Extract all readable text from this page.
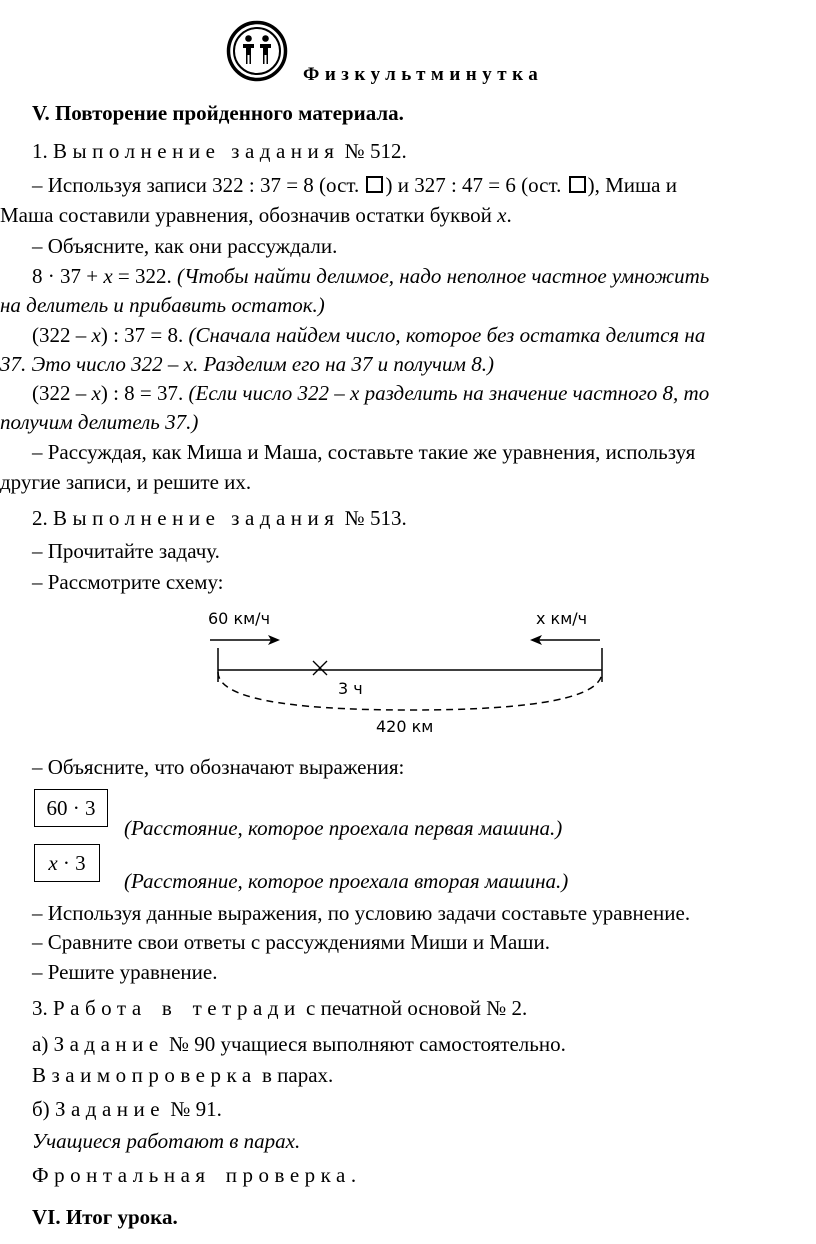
Физкультминутка
V. Повторение пройденного материала.
1. Выполнение задания № 512.
– Используя записи 322 : 37 = 8 (ост. ) и 327 : 47 = 6 (ост. ), Миша и
Маша составили уравнения, обозначив остатки буквой x.
– Объясните, как они рассуждали.
8 · 37 + x = 322. (Чтобы найти делимое, надо неполное частное умножить
на делитель и прибавить остаток.)
(322 – x) : 37 = 8. (Сначала найдем число, которое без остатка делится на
37. Это число 322 – x. Разделим его на 37 и получим 8.)
(322 – x) : 8 = 37. (Если число 322 – x разделить на значение частного 8, то
получим делитель 37.)
– Рассуждая, как Миша и Маша, составьте такие же уравнения, используя
другие записи, и решите их.
2. Выполнение задания № 513.
– Прочитайте задачу.
– Рассмотрите схему:
60 км/ч	x км/ч
3 ч
420 км
– Объясните, что обозначают выражения:
60 · 3
(Расстояние, которое проехала первая машина.)
x · 3
(Расстояние, которое проехала вторая машина.)
– Используя данные выражения, по условию задачи составьте уравнение.
– Сравните свои ответы с рассуждениями Миши и Маши.
– Решите уравнение.
3. Работа в тетради с печатной основой № 2.
а) Задание № 90 учащиеся выполняют самостоятельно.
Взаимопроверка в парах.
б) Задание № 91.
Учащиеся работают в парах.
Фронтальная проверка.
VI. Итог урока.
